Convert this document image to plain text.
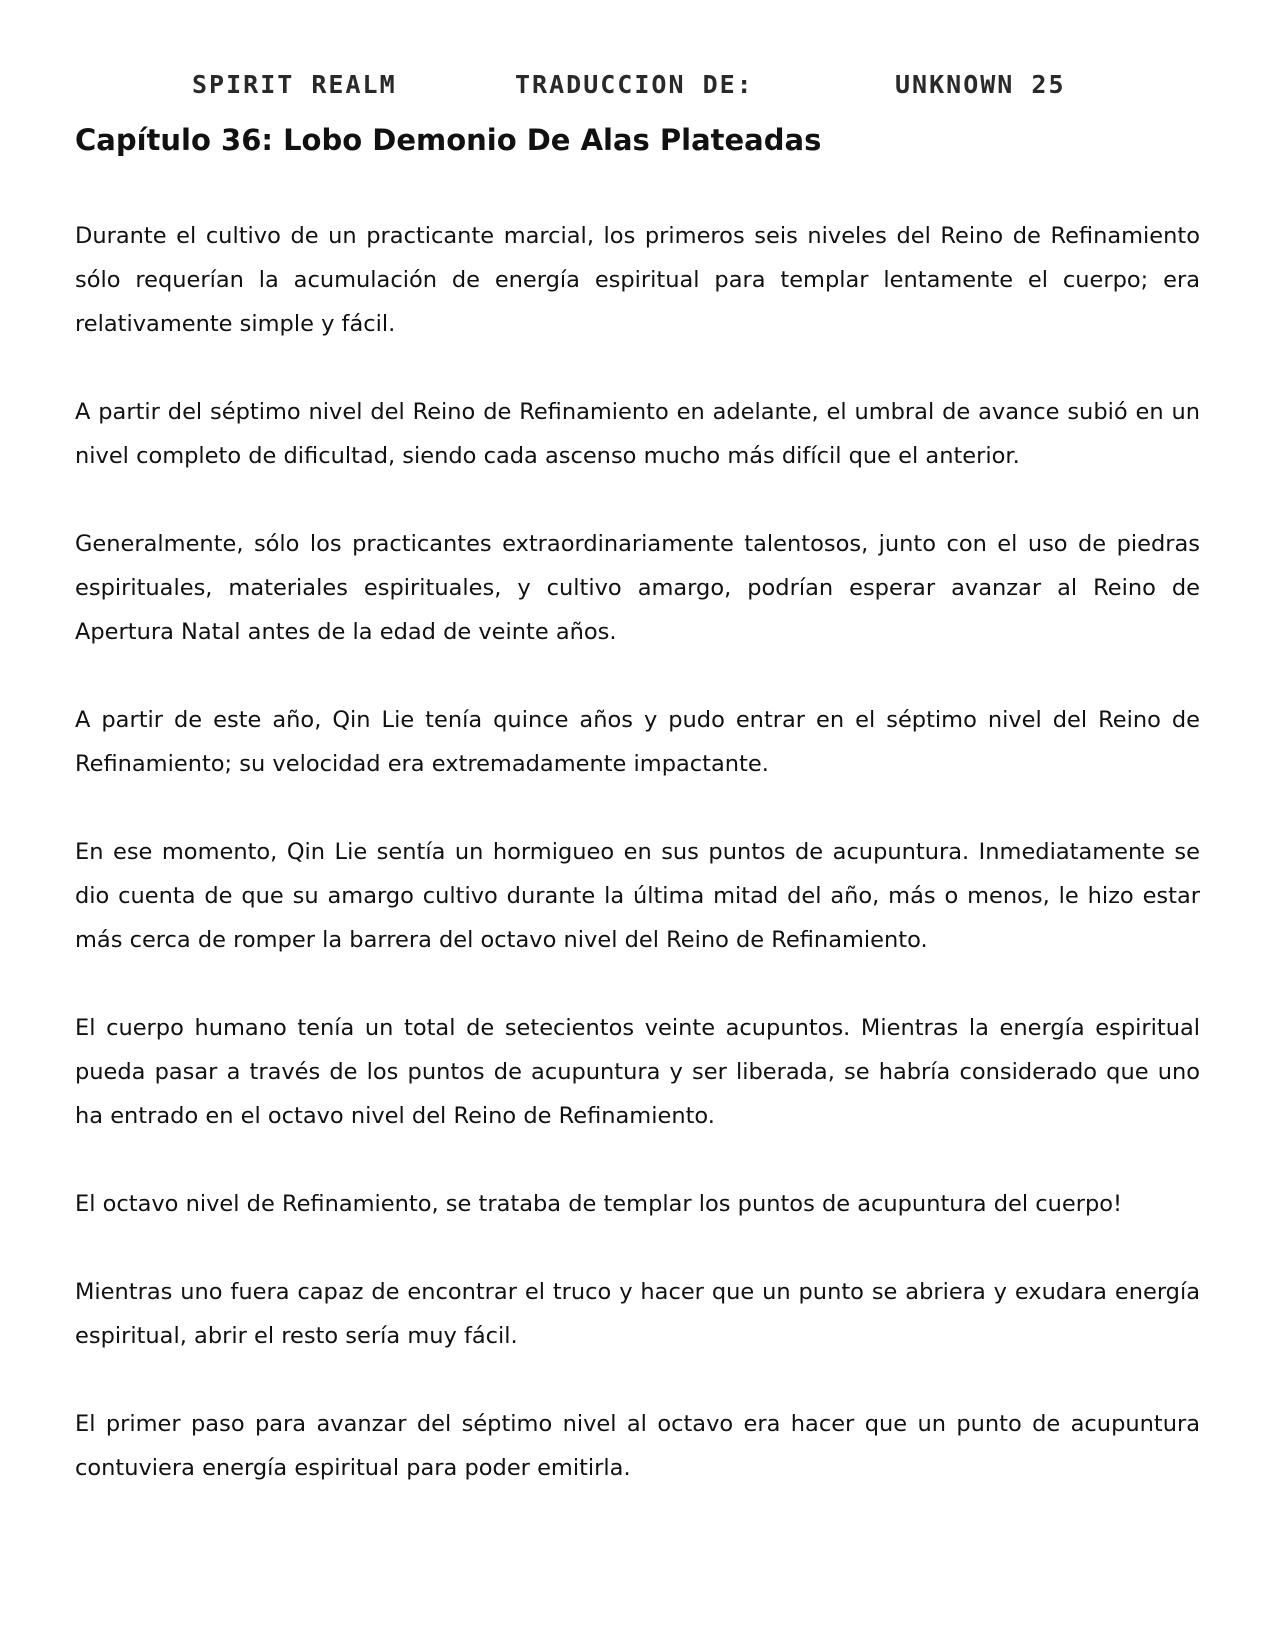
SPIRIT REALM	TRADUCCION DE:	UNKNOWN 25
Capítulo 36: Lobo Demonio De Alas Plateadas

Durante el cultivo de un practicante marcial, los primeros seis niveles del Reino de Refinamiento sólo requerían la acumulación de energía espiritual para templar lentamente el cuerpo; era relativamente simple y fácil.

A partir del séptimo nivel del Reino de Refinamiento en adelante, el umbral de avance subió en un nivel completo de dificultad, siendo cada ascenso mucho más difícil que el anterior.

Generalmente, sólo los practicantes extraordinariamente talentosos, junto con el uso de piedras espirituales, materiales espirituales, y cultivo amargo, podrían esperar avanzar al Reino de Apertura Natal antes de la edad de veinte años.

A partir de este año, Qin Lie tenía quince años y pudo entrar en el séptimo nivel del Reino de Refinamiento; su velocidad era extremadamente impactante.

En ese momento, Qin Lie sentía un hormigueo en sus puntos de acupuntura. Inmediatamente se dio cuenta de que su amargo cultivo durante la última mitad del año, más o menos, le hizo estar más cerca de romper la barrera del octavo nivel del Reino de Refinamiento.

El cuerpo humano tenía un total de setecientos veinte acupuntos. Mientras la energía espiritual pueda pasar a través de los puntos de acupuntura y ser liberada, se habría considerado que uno ha entrado en el octavo nivel del Reino de Refinamiento.

El octavo nivel de Refinamiento, se trataba de templar los puntos de acupuntura del cuerpo!

Mientras uno fuera capaz de encontrar el truco y hacer que un punto se abriera y exudara energía espiritual, abrir el resto sería muy fácil.

El primer paso para avanzar del séptimo nivel al octavo era hacer que un punto de acupuntura contuviera energía espiritual para poder emitirla.
